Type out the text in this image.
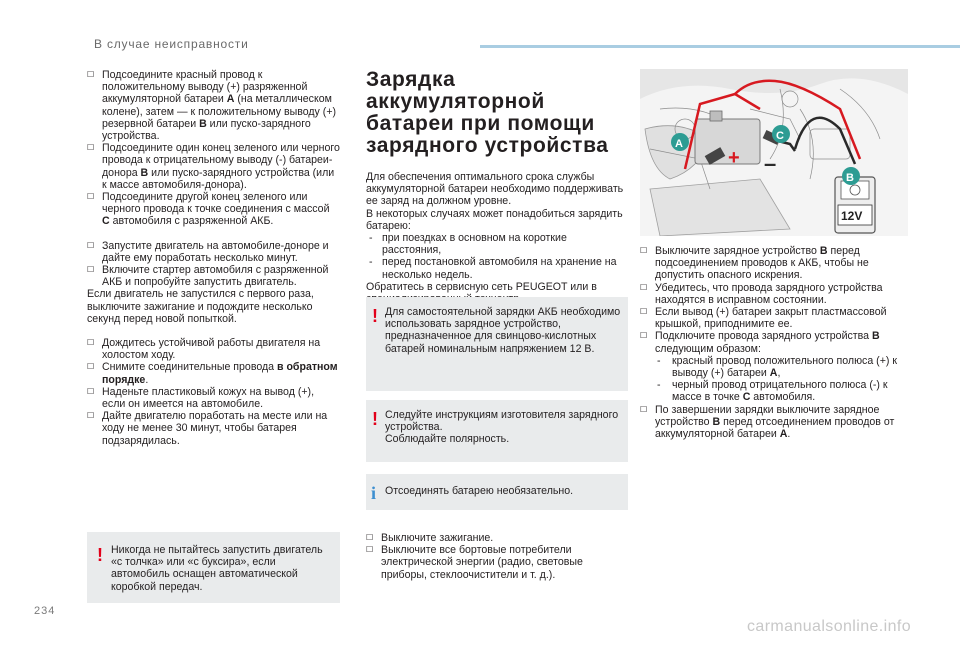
В случае неисправности
☐ Подсоедините красный провод к положительному выводу (+) разряженной аккумуляторной батареи A (на металлическом колене), затем — к положительному выводу (+) резервной батареи B или пуско-зарядного устройства.
☐ Подсоедините один конец зеленого или черного провода к отрицательному выводу (-) батареи-донора B или пуско-зарядного устройства (или к массе автомобиля-донора).
☐ Подсоедините другой конец зеленого или черного провода к точке соединения с массой C автомобиля с разряженной АКБ.
☐ Запустите двигатель на автомобиле-доноре и дайте ему поработать несколько минут.
☐ Включите стартер автомобиля с разряженной АКБ и попробуйте запустить двигатель.
Если двигатель не запустился с первого раза, выключите зажигание и подождите несколько секунд перед новой попыткой.
☐ Дождитесь устойчивой работы двигателя на холостом ходу.
☐ Снимите соединительные провода в обратном порядке.
☐ Наденьте пластиковый кожух на вывод (+), если он имеется на автомобиле.
☐ Дайте двигателю поработать на месте или на ходу не менее 30 минут, чтобы батарея подзарядилась.
! Никогда не пытайтесь запустить двигатель «с толчка» или «с буксира», если автомобиль оснащен автоматической коробкой передач.
Зарядка аккумуляторной
батареи при помощи
зарядного устройства
Для обеспечения оптимального срока службы аккумуляторной батареи необходимо поддерживать ее заряд на должном уровне.
В некоторых случаях может понадобиться зарядить батарею:
- при поездках в основном на короткие расстояния,
- перед постановкой автомобиля на хранение на несколько недель.
Обратитесь в сервисную сеть PEUGEOT или в
! Для самостоятельной зарядки АКБ необходимо использовать зарядное устройство, предназначенное для свинцово-кислотных батарей номинальным напряжением 12 В.
! Следуйте инструкциям изготовителя зарядного устройства.
Соблюдайте полярность.
i Отсоединять батарею необязательно.
☐ Выключите зажигание.
☐ Выключите все бортовые потребители электрической энергии (радио, световые приборы, стеклоочистители и т. д.).
+ –
12V
A
C
B
☐ Выключите зарядное устройство B перед подсоединением проводов к АКБ, чтобы не допустить опасного искрения.
☐ Убедитесь, что провода зарядного устройства находятся в исправном состоянии.
☐ Если вывод (+) батареи закрыт пластмассовой крышкой, приподнимите ее.
☐ Подключите провода зарядного устройства B следующим образом:
- красный провод положительного полюса (+) к выводу (+) батареи A,
- черный провод отрицательного полюса (-) к массе в точке C автомобиля.
☐ По завершении зарядки выключите зарядное устройство B перед отсоединением проводов от аккумуляторной батареи A.
234
carmanualsonline.info
